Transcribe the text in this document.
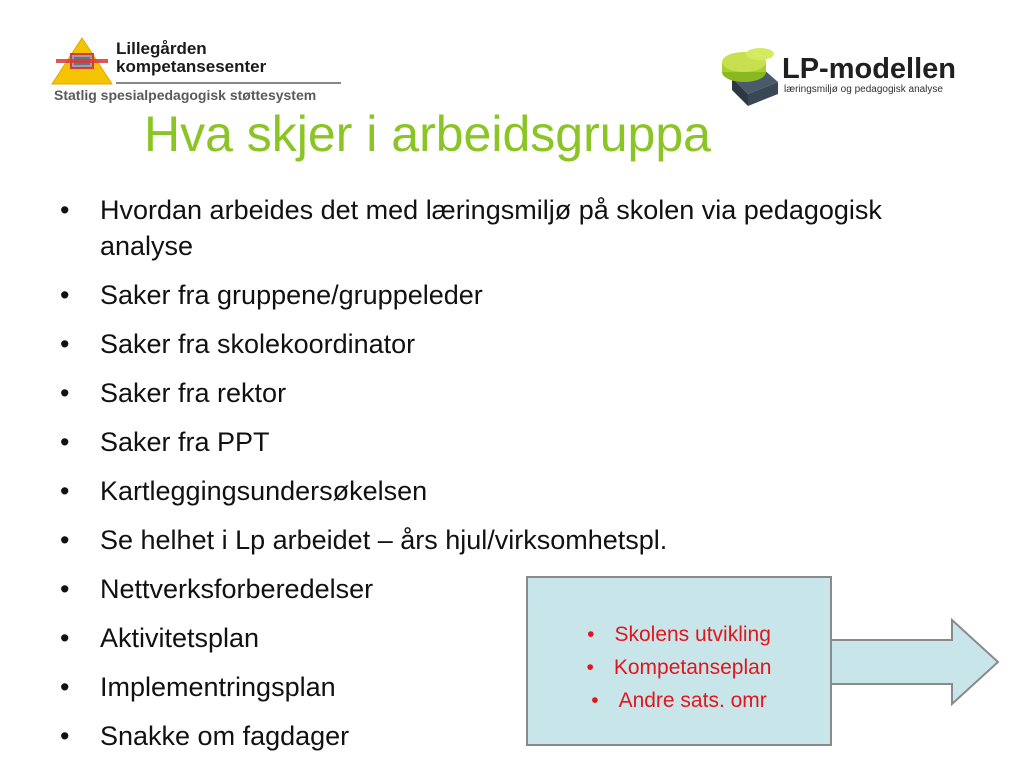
Lillegården
kompetansesenter
Statlig spesialpedagogisk støttesystem
LP-modellen
læringsmiljø og pedagogisk analyse
Hva skjer i arbeidsgruppa
• Hvordan arbeides det med læringsmiljø på skolen via pedagogisk analyse
• Saker fra gruppene/gruppeleder
• Saker fra skolekoordinator
• Saker fra rektor
• Saker fra PPT
• Kartleggingsundersøkelsen
• Se helhet i Lp arbeidet – års hjul/virksomhetspl.
• Nettverksforberedelser
• Aktivitetsplan
• Implementringsplan
• Snakke om fagdager
• Skolens utvikling
• Kompetanseplan
• Andre sats. omr
